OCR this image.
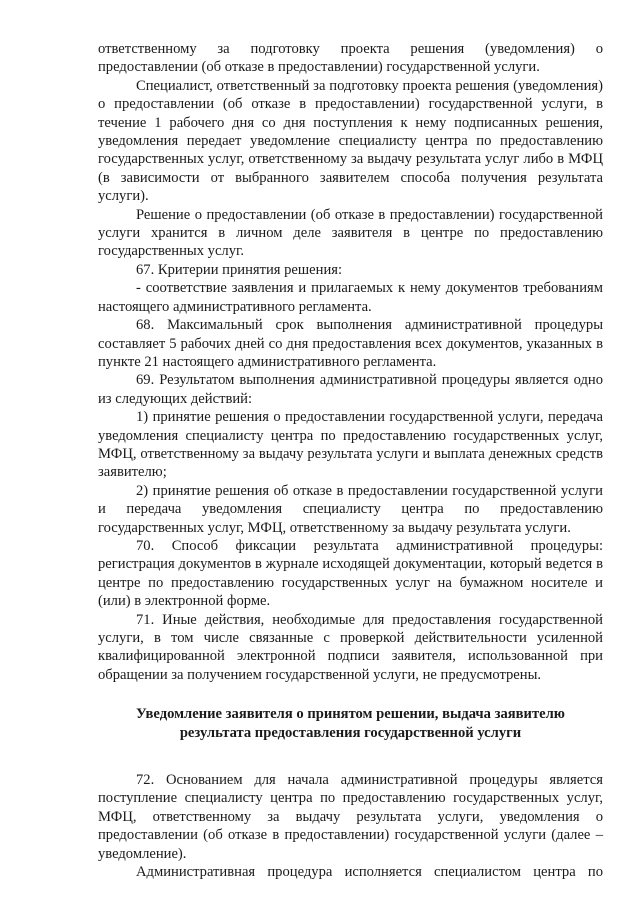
ответственному за подготовку проекта решения (уведомления) о предоставлении (об отказе в предоставлении) государственной услуги.

Специалист, ответственный за подготовку проекта решения (уведомления) о предоставлении (об отказе в предоставлении) государственной услуги, в течение 1 рабочего дня со дня поступления к нему подписанных решения, уведомления передает уведомление специалисту центра по предоставлению государственных услуг, ответственному за выдачу результата услуг либо в МФЦ (в зависимости от выбранного заявителем способа получения результата услуги).

Решение о предоставлении (об отказе в предоставлении) государственной услуги хранится в личном деле заявителя в центре по предоставлению государственных услуг.

67. Критерии принятия решения:

- соответствие заявления и прилагаемых к нему документов требованиям настоящего административного регламента.

68. Максимальный срок выполнения административной процедуры составляет 5 рабочих дней со дня предоставления всех документов, указанных в пункте 21 настоящего административного регламента.

69. Результатом выполнения административной процедуры является одно из следующих действий:

1) принятие решения о предоставлении государственной услуги, передача уведомления специалисту центра по предоставлению государственных услуг, МФЦ, ответственному за выдачу результата услуги и выплата денежных средств заявителю;

2) принятие решения об отказе в предоставлении государственной услуги и передача уведомления специалисту центра по предоставлению государственных услуг, МФЦ, ответственному за выдачу результата услуги.

70. Способ фиксации результата административной процедуры: регистрация документов в журнале исходящей документации, который ведется в центре по предоставлению государственных услуг на бумажном носителе и (или) в электронной форме.

71. Иные действия, необходимые для предоставления государственной услуги, в том числе связанные с проверкой действительности усиленной квалифицированной электронной подписи заявителя, использованной при обращении за получением государственной услуги, не предусмотрены.

Уведомление заявителя о принятом решении, выдача заявителю

результата предоставления государственной услуги

72. Основанием для начала административной процедуры является поступление специалисту центра по предоставлению государственных услуг, МФЦ, ответственному за выдачу результата услуги, уведомления о предоставлении (об отказе в предоставлении) государственной услуги (далее – уведомление).

Административная процедура исполняется специалистом центра по
